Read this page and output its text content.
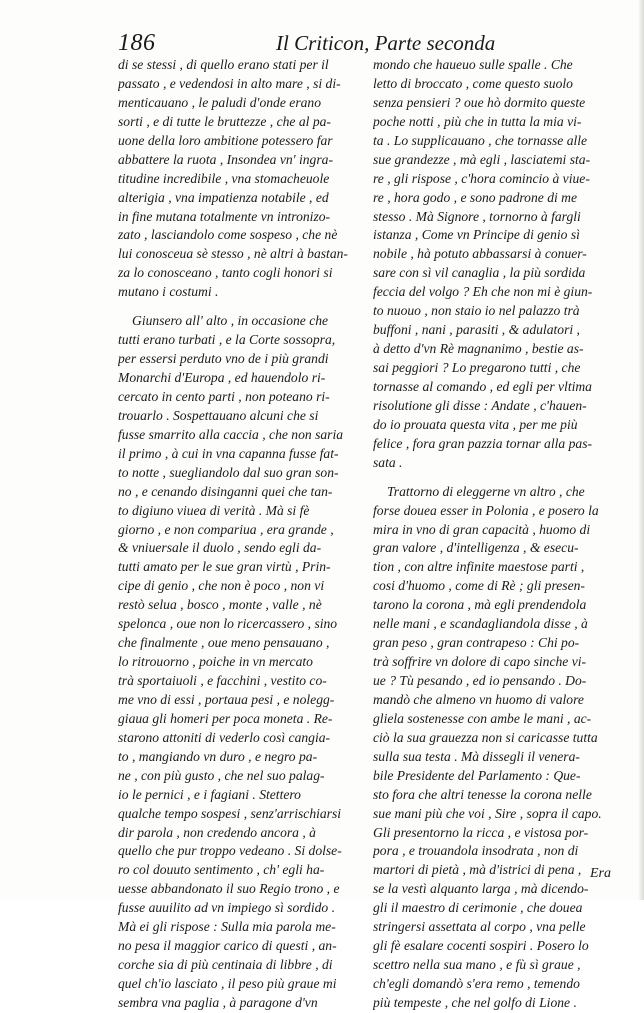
186	Il Criticon, Parte seconda
di se stessi , di quello erano stati per il
passato , e vedendosi in alto mare , si di-
menticauano , le paludi d'onde erano
sorti , e di tutte le bruttezze , che al pa-
uone della loro ambitione potessero far
abbattere la ruota , Insondea vn' ingra-
titudine incredibile , vna stomacheuole
alterigia , vna impatienza notabile , ed
in fine mutana totalmente vn intronizo-
zato , lasciandolo come sospeso , che nè
lui conosceua sè stesso , nè altri à bastan-
za lo conosceano , tanto cogli honori si
mutano i costumi .
Giunsero all' alto , in occasione che
tutti erano turbati , e la Corte sossopra,
per essersi perduto vno de i più grandi
Monarchi d'Europa , ed hauendolo ri-
cercato in cento parti , non poteano ri-
trouarlo . Sospettauano alcuni che si
fusse smarrito alla caccia , che non saria
il primo , à cui in vna capanna fusse fat-
to notte , suegliandolo dal suo gran son-
no , e cenando disinganni quei che tan-
to digiuno viuea di verità . Mà si fè
giorno , e non compariua , era grande ,
& vniuersale il duolo , sendo egli da-
tutti amato per le sue gran virtù , Prin-
cipe di genio , che non è poco , non vi
restò selua , bosco , monte , valle , nè
spelonca , oue non lo ricercassero , sino
che finalmente , oue meno pensauano ,
lo ritrouorno , poiche in vn mercato
trà sportaiuoli , e facchini , vestito co-
me vno di essi , portaua pesi , e nolegg-
giaua gli homeri per poca moneta . Re-
starono attoniti di vederlo così cangia-
to , mangiando vn duro , e negro pa-
ne , con più gusto , che nel suo palag-
io le pernici , e i fagiani . Stettero
qualche tempo sospesi , senz'arrischiarsi
dir parola , non credendo ancora , à
quello che pur troppo vedeano . Si dolse-
ro col douuto sentimento , ch' egli ha-
uesse abbandonato il suo Regio trono , e
fusse auuilito ad vn impiego sì sordido .
Mà ei gli rispose : Sulla mia parola me-
no pesa il maggior carico di questi , an-
corche sia di più centinaia di libbre , di
quel ch'io lasciato , il peso più graue mi
sembra vna paglia , à paragone d'vn
mondo che haueuo sulle spalle . Che
letto di broccato , come questo suolo
senza pensieri ? oue hò dormito queste
poche notti , più che in tutta la mia vi-
ta . Lo supplicauano , che tornasse alle
sue grandezze , mà egli , lasciatemi sta-
re , gli rispose , c'hora comincio à viue-
re , hora godo , e sono padrone di me
stesso . Mà Signore , tornorno à fargli
istanza , Come vn Principe di genio sì
nobile , hà potuto abbassarsi à conuer-
sare con sì vil canaglia , la più sordida
feccia del volgo ? Eh che non mi è giun-
to nuouo , non staio io nel palazzo trà
buffoni , nani , parasiti , & adulatori ,
à detto d'vn Rè magnanimo , bestie as-
sai peggiori ? Lo pregarono tutti , che
tornasse al comando , ed egli per vltima
risolutione gli disse : Andate , c'hauen-
do io prouata questa vita , per me più
felice , fora gran pazzia tornar alla pas-
sata .
Trattorno di eleggerne vn altro , che
forse douea esser in Polonia , e posero la
mira in vno di gran capacità , huomo di
gran valore , d'intelligenza , & esecu-
tion , con altre infinite maestose parti ,
cosi d'huomo , come di Rè ; gli presen-
tarono la corona , mà egli prendendola
nelle mani , e scandagliandola disse , à
gran peso , gran contrapeso : Chi po-
trà soffrire vn dolore di capo sinche vi-
ue ? Tù pesando , ed io pensando . Do-
mandò che almeno vn huomo di valore
gliela sostenesse con ambe le mani , ac-
ciò la sua grauezza non si caricasse tutta
sulla sua testa . Mà dissegli il venera-
bile Presidente del Parlamento : Que-
sto fora che altri tenesse la corona nelle
sue mani più che voi , Sire , sopra il capo.
Gli presentorno la ricca , e vistosa por-
pora , e trouandola insodrata , non di
martori di pietà , mà d'istrici di pena ,
se la vestì alquanto larga , mà dicendo-
gli il maestro di cerimonie , che douea
stringersi assettata al corpo , vna pelle
gli fè esalare cocenti sospiri . Posero lo
scettro nella sua mano , e fù sì graue ,
ch'egli domandò s'era remo , temendo
più tempeste , che nel golfo di Lione .
Era
